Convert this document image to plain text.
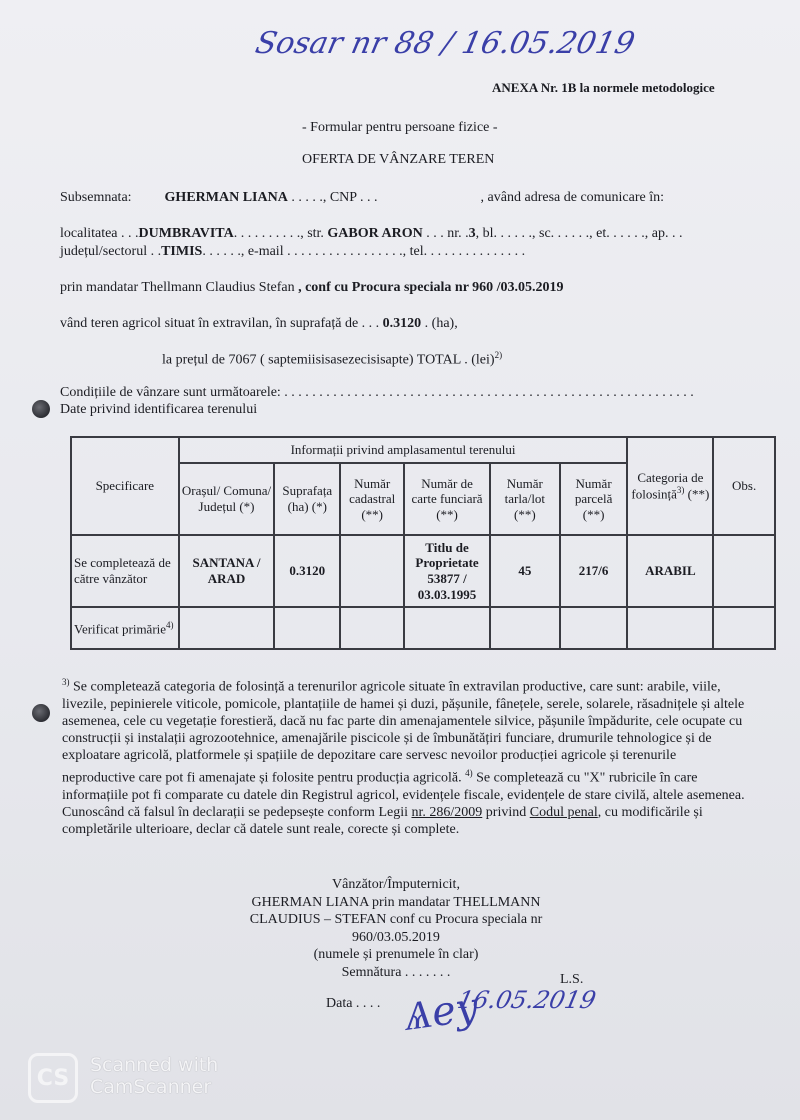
Sosar nr 88 / 16.05.2019
ANEXA Nr. 1B la normele metodologice
- Formular pentru persoane fizice -
OFERTA DE VÂNZARE TEREN
Subsemnata: GHERMAN LIANA . . . . ., CNP . . .	, având adresa de comunicare în:
localitatea . . .DUMBRAVITA. . . . . . . . . ., str. GABOR ARON . . . nr. .3, bl. . . . . ., sc. . . . . ., et. . . . . ., ap. . .
județul/sectorul . .TIMIS. . . . . ., e-mail . . . . . . . . . . . . . . . . ., tel. . . . . . . . . . . . . . .
prin mandatar Thellmann Claudius Stefan , conf cu Procura speciala nr 960 /03.05.2019
vând teren agricol situat în extravilan, în suprafață de . . . 0.3120 . (ha),
la prețul de 7067 ( saptemiisisasezecisisapte) TOTAL . (lei)$^{2)}$
Condițiile de vânzare sunt următoarele: . . . . . . . . . . . . . . . . . . . . . . . . . . . . . . . . . . . . . . . . . . . . . . . . . . . . . . . . . . .
Date privind identificarea terenului
Specificare	Informații privind amplasamentul terenului						Categoria de folosință$^{3)}$ (**)	Obs.
	Orașul/ Comuna/ Județul (*)	Suprafața (ha) (*)	Număr cadastral (**)	Număr de carte funciară (**)	Număr tarla/lot (**)	Număr parcelă (**)		
Se completează de către vânzător	SANTANA / ARAD	0.3120		Titlu de Proprietate 53877 / 03.03.1995	45	217/6	ARABIL	
Verificat primărie$^{4)}$								
$^{3)}$ Se completează categoria de folosință a terenurilor agricole situate în extravilan productive, care sunt: arabile, viile, livezile, pepinierele viticole, pomicole, plantațiile de hamei și duzi, pășunile, fânețele, serele, solarele, răsadnițele și altele asemenea, cele cu vegetație forestieră, dacă nu fac parte din amenajamentele silvice, pășunile împădurite, cele ocupate cu construcții și instalații agrozootehnice, amenajările piscicole și de îmbunătățiri funciare, drumurile tehnologice și de exploatare agricolă, platformele și spațiile de depozitare care servesc nevoilor producției agricole și terenurile neproductive care pot fi amenajate și folosite pentru producția agricolă. $^{4)}$ Se completează cu "X" rubricile în care informațiile pot fi comparate cu datele din Registrul agricol, evidențele fiscale, evidențele de stare civilă, altele asemenea. Cunoscând că falsul în declarații se pedepsește conform Legii nr. 286/2009 privind Codul penal, cu modificările și completările ulterioare, declar că datele sunt reale, corecte și complete.
Vânzător/Împuternicit,
GHERMAN LIANA prin mandatar THELLMANN
CLAUDIUS – STEFAN conf cu Procura speciala nr
960/03.05.2019
(numele și prenumele în clar)
Semnătura . . . . . . .	L.S.
Data . . . . Ѧey
16.05.2019
CS
Scanned with
CamScanner
